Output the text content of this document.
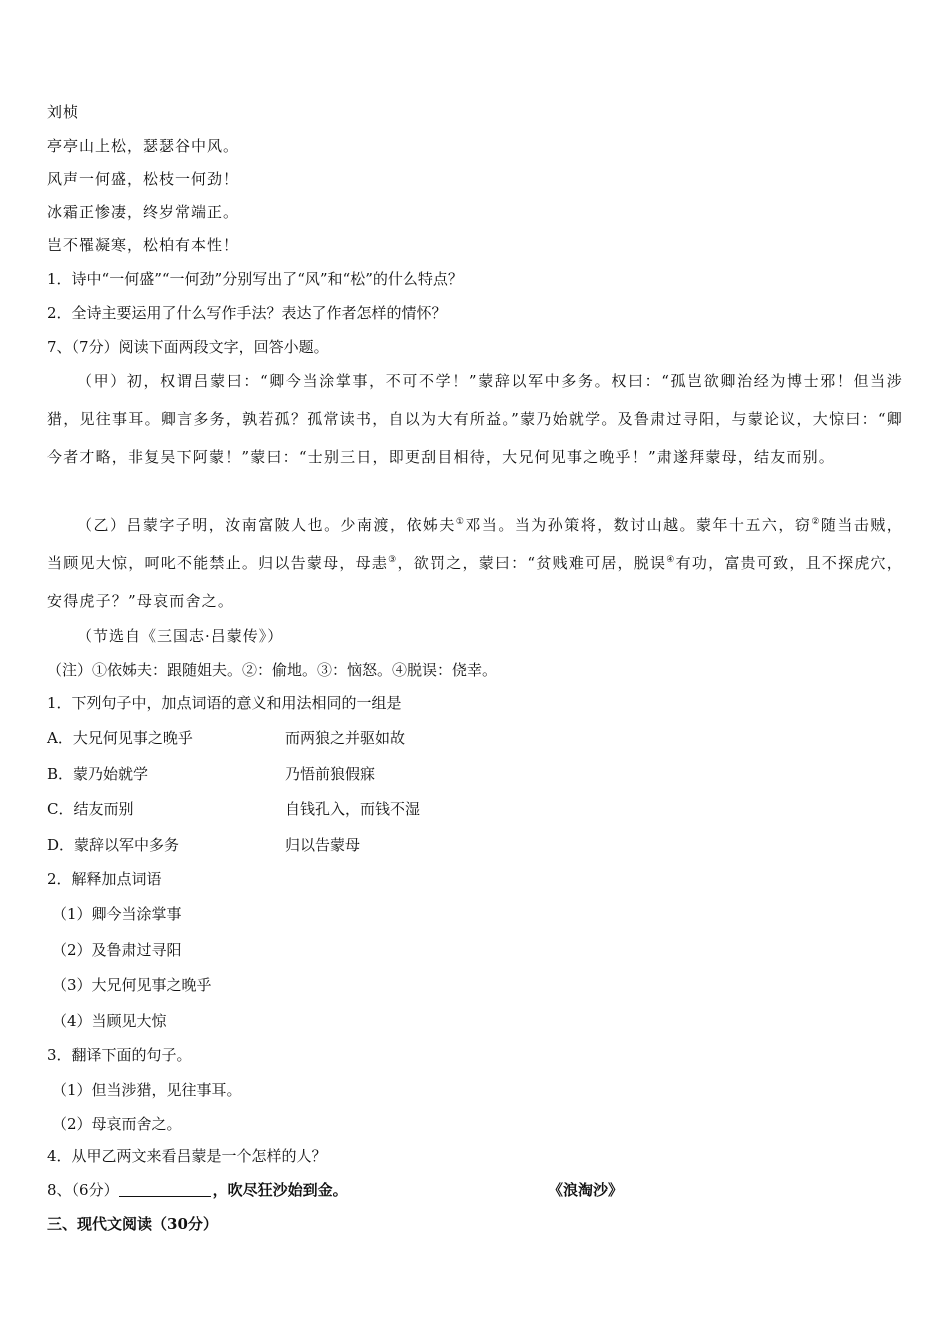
刘桢
亭亭山上松，瑟瑟谷中风。
风声一何盛，松枝一何劲！
冰霜正惨凄，终岁常端正。
岂不罹凝寒，松柏有本性！
1．诗中“一何盛”“一何劲”分别写出了“风”和“松”的什么特点？
2．全诗主要运用了什么写作手法？表达了作者怎样的情怀？
7、（7分）阅读下面两段文字，回答小题。
（甲）初，权谓吕蒙曰：“卿今当涂掌事，不可不学！”蒙辞以军中多务。权曰：“孤岂欲卿治经为博士邪！但当涉猎，见往事耳。卿言多务，孰若孤？孤常读书，自以为大有所益。”蒙乃始就学。及鲁肃过寻阳，与蒙论议，大惊曰：“卿今者才略，非复吴下阿蒙！”蒙曰：“士别三日，即更刮目相待，大兄何见事之晚乎！”肃遂拜蒙母，结友而别。
（乙）吕蒙字子明，汝南富陂人也。少南渡，依姊夫①邓当。当为孙策将，数讨山越。蒙年十五六，窃②随当击贼，当顾见大惊，呵叱不能禁止。归以告蒙母，母恚③，欲罚之，蒙曰：“贫贱难可居，脱误④有功，富贵可致，且不探虎穴，安得虎子？”母哀而舍之。
（节选自《三国志·吕蒙传》）
（注）①依姊夫：跟随姐夫。②：偷地。③：恼怒。④脱误：侥幸。
1．下列句子中，加点词语的意义和用法相同的一组是
A．大兄何见事之晚乎	而两狼之并驱如故
B．蒙乃始就学	乃悟前狼假寐
C．结友而别	自钱孔入，而钱不湿
D．蒙辞以军中多务	归以告蒙母
2．解释加点词语
（1）卿今当涂掌事
（2）及鲁肃过寻阳
（3）大兄何见事之晚乎
（4）当顾见大惊
3．翻译下面的句子。
（1）但当涉猎，见往事耳。
（2）母哀而舍之。
4．从甲乙两文来看吕蒙是一个怎样的人？
8、（6分）	，吹尽狂沙始到金。	《浪淘沙》
三、现代文阅读（30分）
